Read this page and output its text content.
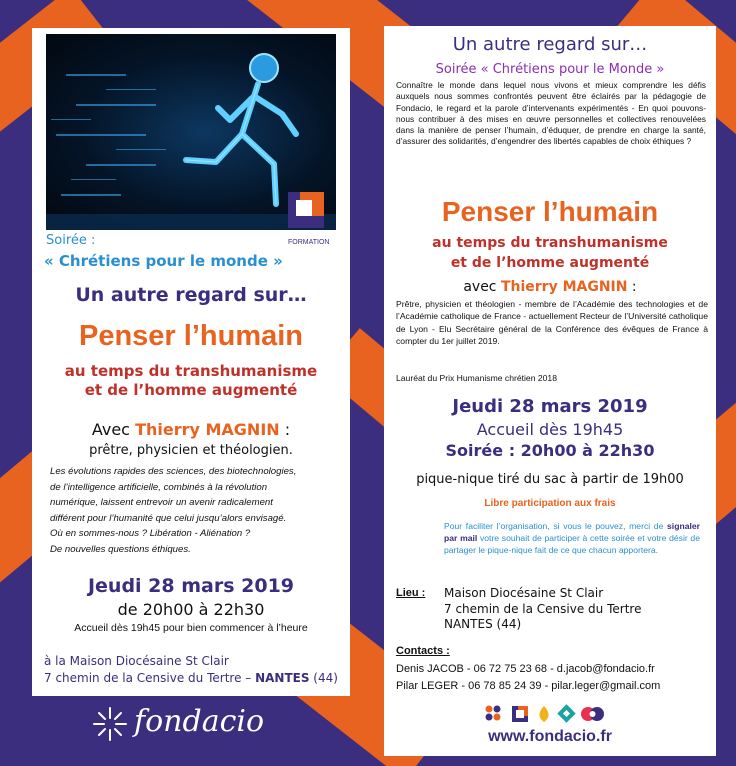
FORMATION
Soirée :
« Chrétiens pour le monde »
Un autre regard sur…
Penser l’humain
au temps du transhumanisme
et de l’homme augmenté
Avec Thierry MAGNIN :
prêtre, physicien et théologien.
Les évolutions rapides des sciences, des biotechnologies,
de l’intelligence artificielle, combinés à la révolution
numérique, laissent entrevoir un avenir radicalement
différent pour l’humanité que celui jusqu’alors envisagé.
Où en sommes-nous ? Libération - Aliénation ?
De nouvelles questions éthiques.
Jeudi 28 mars 2019
de 20h00 à 22h30
Accueil dès 19h45 pour bien commencer à l’heure
à la Maison Diocésaine St Clair
7 chemin de la Censive du Tertre – NANTES (44)
fondacio
Un autre regard sur…
Soirée « Chrétiens pour le Monde »
Connaître le monde dans lequel nous vivons et mieux comprendre les défis auxquels nous sommes confrontés peuvent être éclairés par la pédagogie de Fondacio, le regard et la parole d’intervenants expérimentés - En quoi pouvons-nous contribuer à des mises en œuvre personnelles et collectives renouvelées dans la manière de penser l’humain, d’éduquer, de prendre en charge la santé, d’assurer des solidarités, d’engendrer des libertés capables de choix éthiques ?
Penser l’humain
au temps du transhumanisme
et de l’homme augmenté
avec Thierry MAGNIN :
Prêtre, physicien et théologien - membre de l’Académie des technologies et de l’Académie catholique de France - actuellement Recteur de l’Université catholique de Lyon - Elu Secrétaire général de la Conférence des évêques de France à compter du 1er juillet 2019.
Lauréat du Prix Humanisme chrétien 2018
Jeudi 28 mars 2019
Accueil dès 19h45
Soirée : 20h00 à 22h30
pique-nique tiré du sac à partir de 19h00
Libre participation aux frais
Pour faciliter l’organisation, si vous le pouvez, merci de signaler par mail votre souhait de participer à cette soirée et votre désir de partager le pique-nique fait de ce que chacun apportera.
Lieu : Maison Diocésaine St Clair
7 chemin de la Censive du Tertre
NANTES (44)
Contacts :
Denis JACOB - 06 72 75 23 68 - d.jacob@fondacio.fr
Pilar LEGER - 06 78 85 24 39 - pilar.leger@gmail.com
www.fondacio.fr
